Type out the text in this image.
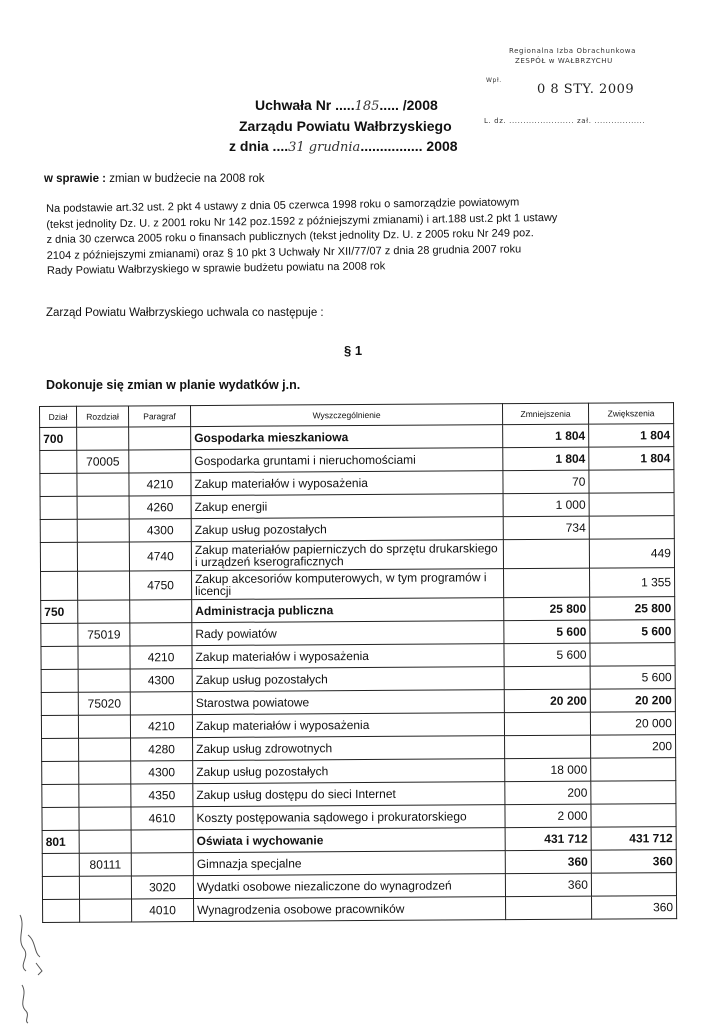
Regionalna Izba Obrachunkowa
ZESPÓŁ w WAŁBRZYCHU
Wpł.
0 8 STY. 2009
L. dz. ....................... zał. ..................
Uchwała Nr .....185..... /2008
Zarządu Powiatu Wałbrzyskiego
z dnia ....31 grudnia................ 2008
w sprawie : zmian w budżecie na 2008 rok
Na podstawie art.32 ust. 2 pkt 4 ustawy z dnia 05 czerwca 1998 roku o samorządzie powiatowym
(tekst jednolity Dz. U. z 2001 roku Nr 142 poz.1592 z późniejszymi zmianami) i art.188 ust.2 pkt 1 ustawy
z dnia 30 czerwca 2005 roku o finansach publicznych (tekst jednolity Dz. U. z 2005 roku Nr 249 poz.
2104 z późniejszymi zmianami) oraz § 10 pkt 3 Uchwały Nr XII/77/07 z dnia 28 grudnia 2007 roku
Rady Powiatu Wałbrzyskiego w sprawie budżetu powiatu na 2008 rok
Zarząd Powiatu Wałbrzyskiego uchwala co następuje :
§ 1
Dokonuje się zmian w planie wydatków j.n.
Dział	Rozdział	Paragraf	Wyszczególnienie	Zmniejszenia	Zwiększenia
700			Gospodarka mieszkaniowa	1 804	1 804
	70005		Gospodarka gruntami i nieruchomościami	1 804	1 804
		4210	Zakup materiałów i wyposażenia	70	
		4260	Zakup energii	1 000	
		4300	Zakup usług pozostałych	734	
		4740	Zakup materiałów papierniczych do sprzętu drukarskiego i urządzeń kserograficznych		449
		4750	Zakup akcesoriów komputerowych, w tym programów i licencji		1 355
750			Administracja publiczna	25 800	25 800
	75019		Rady powiatów	5 600	5 600
		4210	Zakup materiałów i wyposażenia	5 600	
		4300	Zakup usług pozostałych		5 600
	75020		Starostwa powiatowe	20 200	20 200
		4210	Zakup materiałów i wyposażenia		20 000
		4280	Zakup usług zdrowotnych		200
		4300	Zakup usług pozostałych	18 000	
		4350	Zakup usług dostępu do sieci Internet	200	
		4610	Koszty postępowania sądowego i prokuratorskiego	2 000	
801			Oświata i wychowanie	431 712	431 712
	80111		Gimnazja specjalne	360	360
		3020	Wydatki osobowe niezaliczone do wynagrodzeń	360	
		4010	Wynagrodzenia osobowe pracowników		360
